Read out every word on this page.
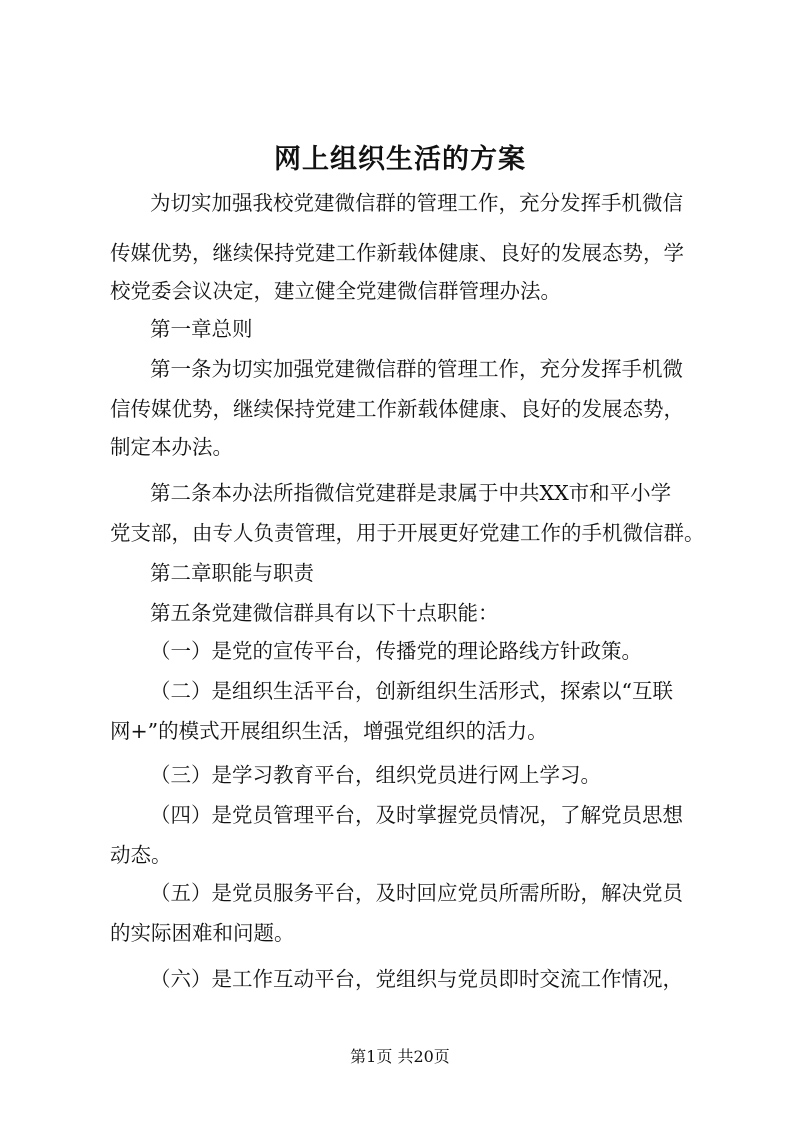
网上组织生活的方案
为切实加强我校党建微信群的管理工作，充分发挥手机微信
传媒优势，继续保持党建工作新载体健康、良好的发展态势，学
校党委会议决定，建立健全党建微信群管理办法。
第一章总则
第一条为切实加强党建微信群的管理工作，充分发挥手机微
信传媒优势，继续保持党建工作新载体健康、良好的发展态势，
制定本办法。
第二条本办法所指微信党建群是隶属于中共XX市和平小学
党支部，由专人负责管理，用于开展更好党建工作的手机微信群。
第二章职能与职责
第五条党建微信群具有以下十点职能：
（一）是党的宣传平台，传播党的理论路线方针政策。
（二）是组织生活平台，创新组织生活形式，探索以“互联
网+”的模式开展组织生活，增强党组织的活力。
（三）是学习教育平台，组织党员进行网上学习。
（四）是党员管理平台，及时掌握党员情况，了解党员思想
动态。
（五）是党员服务平台，及时回应党员所需所盼，解决党员
的实际困难和问题。
（六）是工作互动平台，党组织与党员即时交流工作情况，
第1页 共20页
